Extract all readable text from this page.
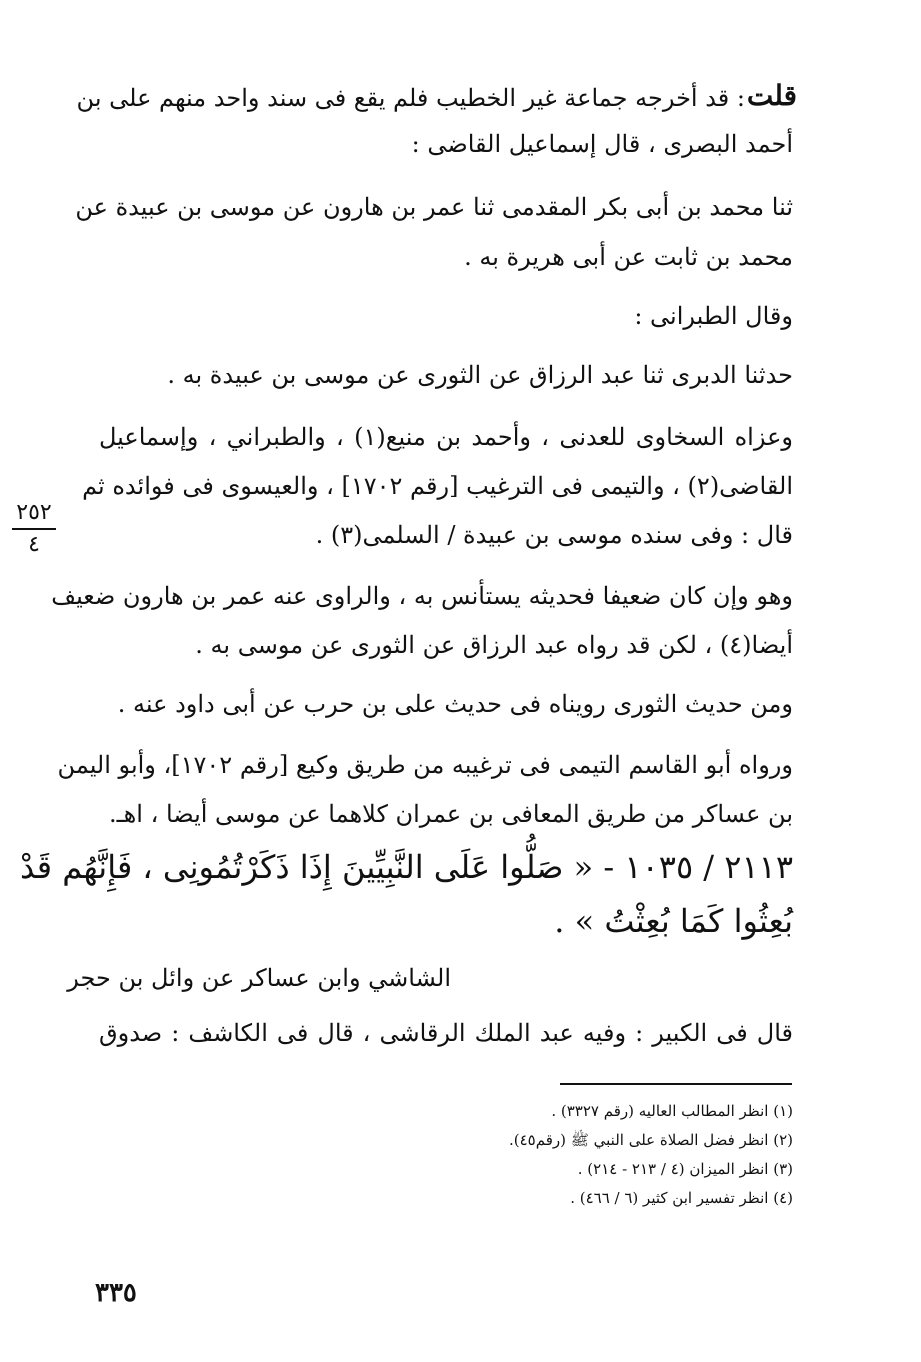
قلت
: قد أخرجه جماعة غير الخطيب فلم يقع فى سند واحد منهم على بن
أحمد البصرى ، قال إسماعيل القاضى :
ثنا محمد بن أبى بكر المقدمى ثنا عمر بن هارون عن موسى بن عبيدة عن
محمد بن ثابت عن أبى هريرة به .
وقال الطبرانى :
حدثنا الدبرى ثنا عبد الرزاق عن الثورى عن موسى بن عبيدة به .
وعزاه السخاوى للعدنى ، وأحمد بن منيع(١) ، والطبراني ، وإسماعيل
القاضى(٢) ، والتيمى فى الترغيب [رقم ١٧٠٢] ، والعيسوى فى فوائده ثم
قال : وفى سنده موسى بن عبيدة / السلمى(٣) .
وهو وإن كان ضعيفا فحديثه يستأنس به ، والراوى عنه عمر بن هارون ضعيف
أيضا(٤) ، لكن قد رواه عبد الرزاق عن الثورى عن موسى به .
ومن حديث الثورى رويناه فى حديث على بن حرب عن أبى داود عنه .
ورواه أبو القاسم التيمى فى ترغيبه من طريق وكيع [رقم ١٧٠٢]، وأبو اليمن
بن عساكر من طريق المعافى بن عمران كلاهما عن موسى أيضا ، اهـ.
٢١١٣ / ١٠٣٥ - « صَلُّوا عَلَى النَّبِيِّينَ إِذَا ذَكَرْتُمُونِى ، فَإِنَّهُم قَدْ
بُعِثُوا كَمَا بُعِثْتُ » .
الشاشي وابن عساكر عن وائل بن حجر
قال فى الكبير : وفيه عبد الملك الرقاشى ، قال فى الكاشف : صدوق
٢٥٢
٤
(١) انظر المطالب العاليه (رقم ٣٣٢٧) .
(٢) انظر فضل الصلاة على النبي ﷺ (رقم٤٥).
(٣) انظر الميزان (٤ / ٢١٣ - ٢١٤) .
(٤) انظر تفسير ابن كثير (٦ / ٤٦٦) .
٣٣٥
